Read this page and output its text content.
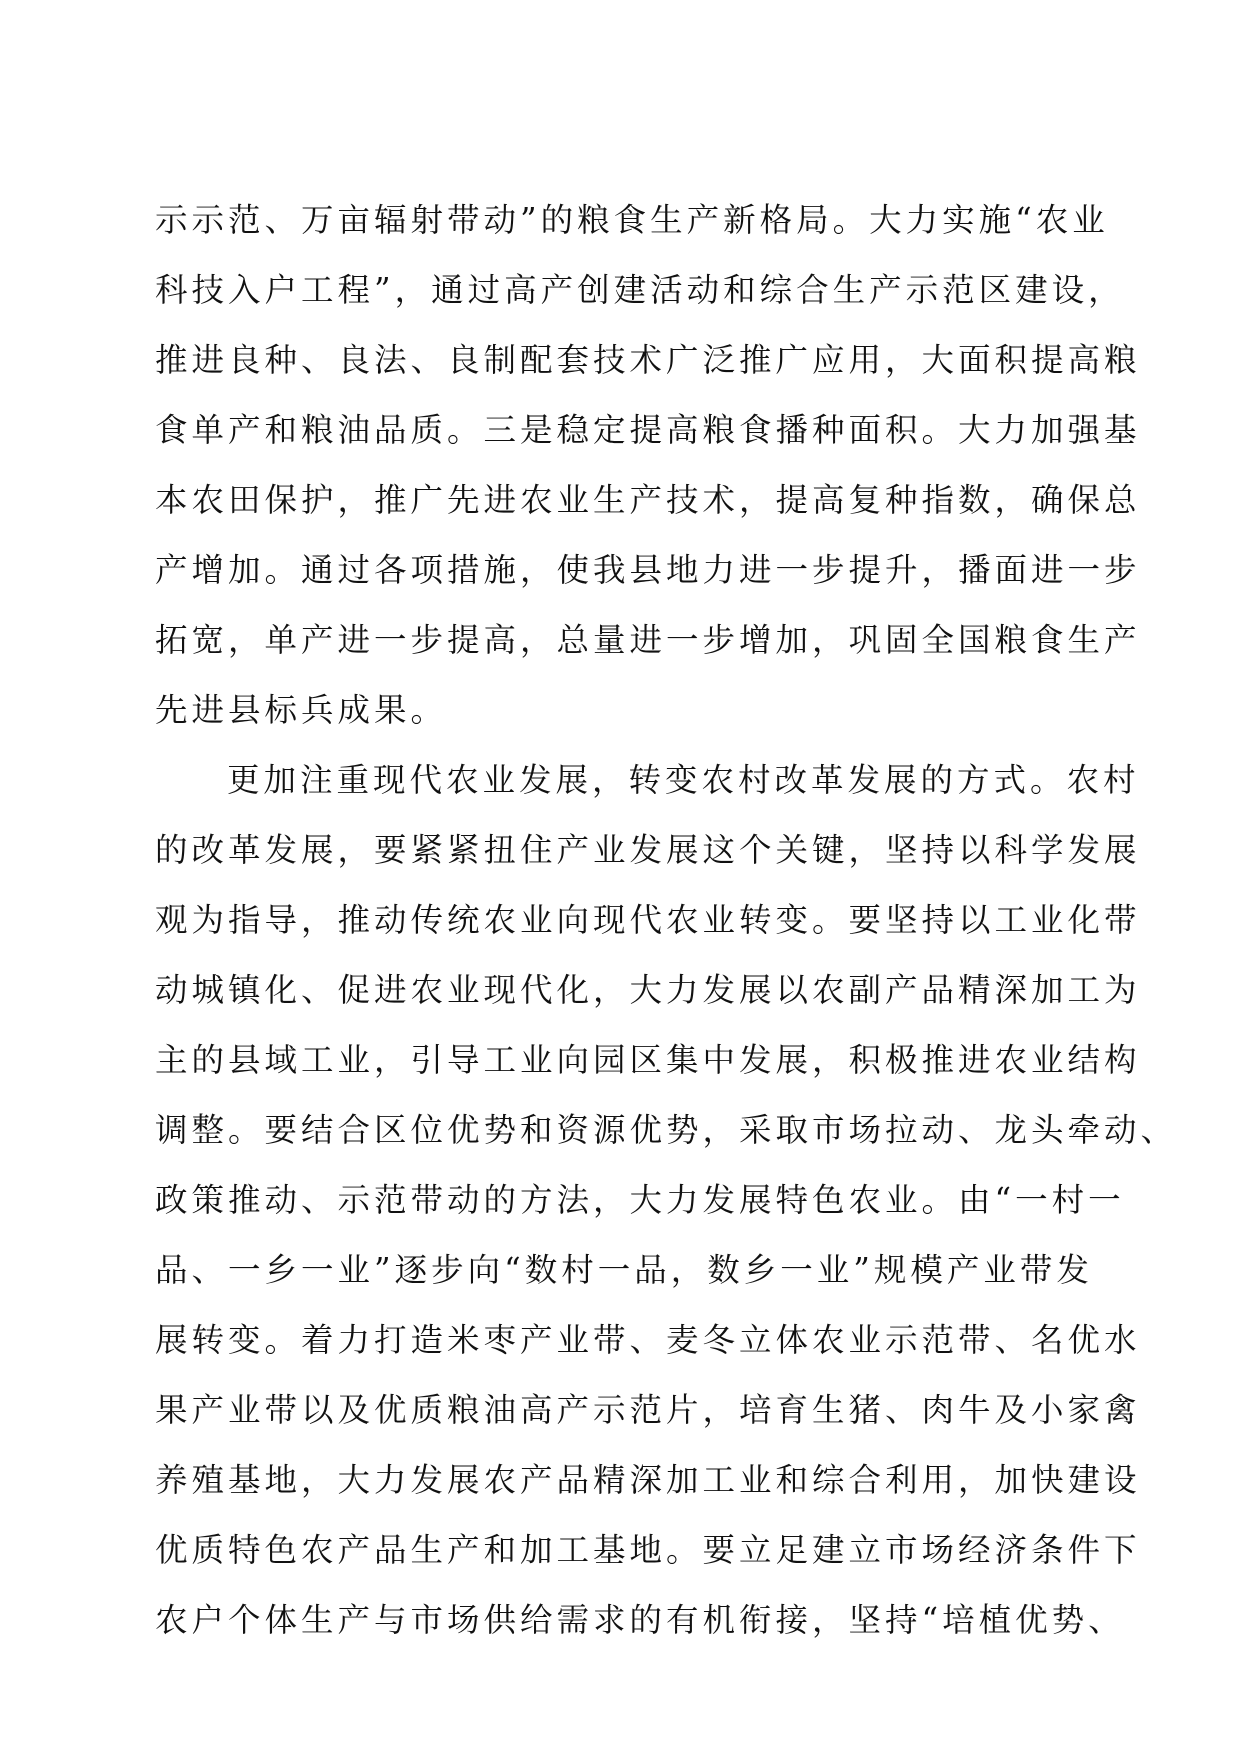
示示范、万亩辐射带动”的粮食生产新格局。大力实施“农业
科技入户工程”，通过高产创建活动和综合生产示范区建设，
推进良种、良法、良制配套技术广泛推广应用，大面积提高粮
食单产和粮油品质。三是稳定提高粮食播种面积。大力加强基
本农田保护，推广先进农业生产技术，提高复种指数，确保总
产增加。通过各项措施，使我县地力进一步提升，播面进一步
拓宽，单产进一步提高，总量进一步增加，巩固全国粮食生产
先进县标兵成果。
更加注重现代农业发展，转变农村改革发展的方式。农村
的改革发展，要紧紧扭住产业发展这个关键，坚持以科学发展
观为指导，推动传统农业向现代农业转变。要坚持以工业化带
动城镇化、促进农业现代化，大力发展以农副产品精深加工为
主的县域工业，引导工业向园区集中发展，积极推进农业结构
调整。要结合区位优势和资源优势，采取市场拉动、龙头牵动、
政策推动、示范带动的方法，大力发展特色农业。由“一村一
品、一乡一业”逐步向“数村一品，数乡一业”规模产业带发
展转变。着力打造米枣产业带、麦冬立体农业示范带、名优水
果产业带以及优质粮油高产示范片，培育生猪、肉牛及小家禽
养殖基地，大力发展农产品精深加工业和综合利用，加快建设
优质特色农产品生产和加工基地。要立足建立市场经济条件下
农户个体生产与市场供给需求的有机衔接，坚持“培植优势、
